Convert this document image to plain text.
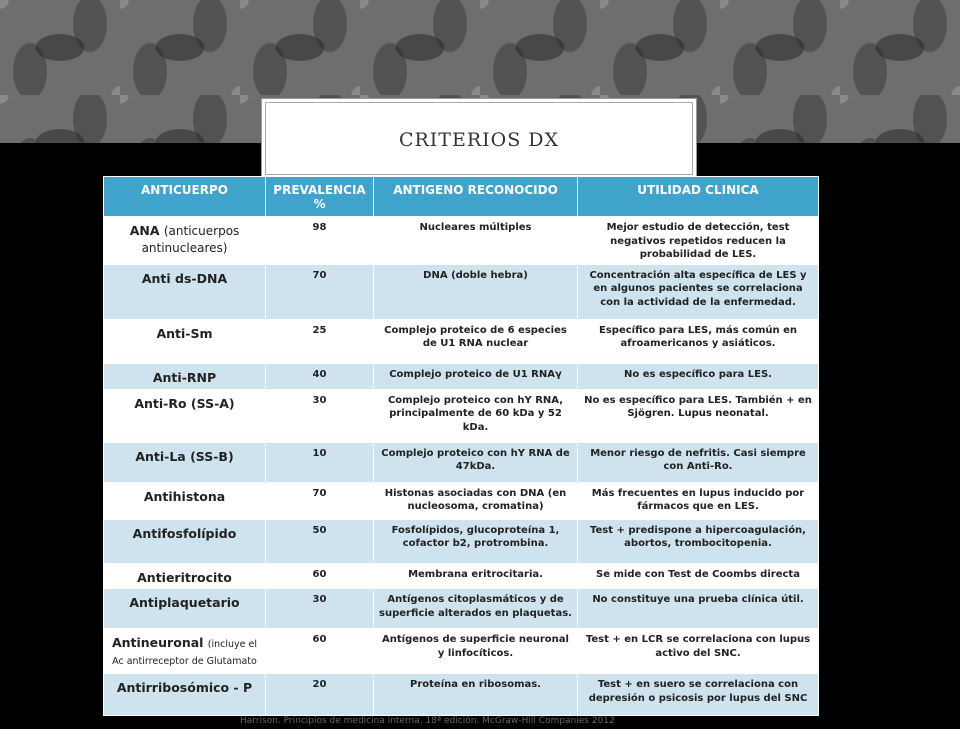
CRITERIOS DX
ANTICUERPO	PREVALENCIA %	ANTIGENO RECONOCIDO	UTILIDAD CLINICA
ANA (anticuerpos antinucleares)	98	Nucleares múltiples	Mejor estudio de detección, test negativos repetidos reducen la probabilidad de LES.
Anti ds-DNA	70	DNA (doble hebra)	Concentración alta específica de LES y en algunos pacientes se correlaciona con la actividad de la enfermedad.
Anti-Sm	25	Complejo proteico de 6 especies de U1 RNA nuclear	Específico para LES, más común en afroamericanos y asiáticos.
Anti-RNP	40	Complejo proteico de U1 RNAγ	No es específico para LES.
Anti-Ro (SS-A)	30	Complejo proteico con hY RNA, principalmente de 60 kDa y 52 kDa.	No es específico para LES. También + en Sjögren. Lupus neonatal.
Anti-La (SS-B)	10	Complejo proteico con hY RNA de 47kDa.	Menor riesgo de nefritis. Casi siempre con Anti-Ro.
Antihistona	70	Histonas asociadas con DNA (en nucleosoma, cromatina)	Más frecuentes en lupus inducido por fármacos que en LES.
Antifosfolípido	50	Fosfolípidos, glucoproteína 1, cofactor b2, protrombina.	Test + predispone a hipercoagulación, abortos, trombocitopenia.
Antieritrocito	60	Membrana eritrocitaria.	Se mide con Test de Coombs directa
Antiplaquetario	30	Antígenos citoplasmáticos y de superficie alterados en plaquetas.	No constituye una prueba clínica útil.
Antineuronal (incluye el Ac antirreceptor de Glutamato	60	Antígenos de superficie neuronal y linfocíticos.	Test + en LCR se correlaciona con lupus activo del SNC.
Antirribosómico - P	20	Proteína en ribosomas.	Test + en suero se correlaciona con depresión o psicosis por lupus del SNC
Harrison. Principios de medicina interna. 18ª edición. McGraw-Hill Companies 2012
